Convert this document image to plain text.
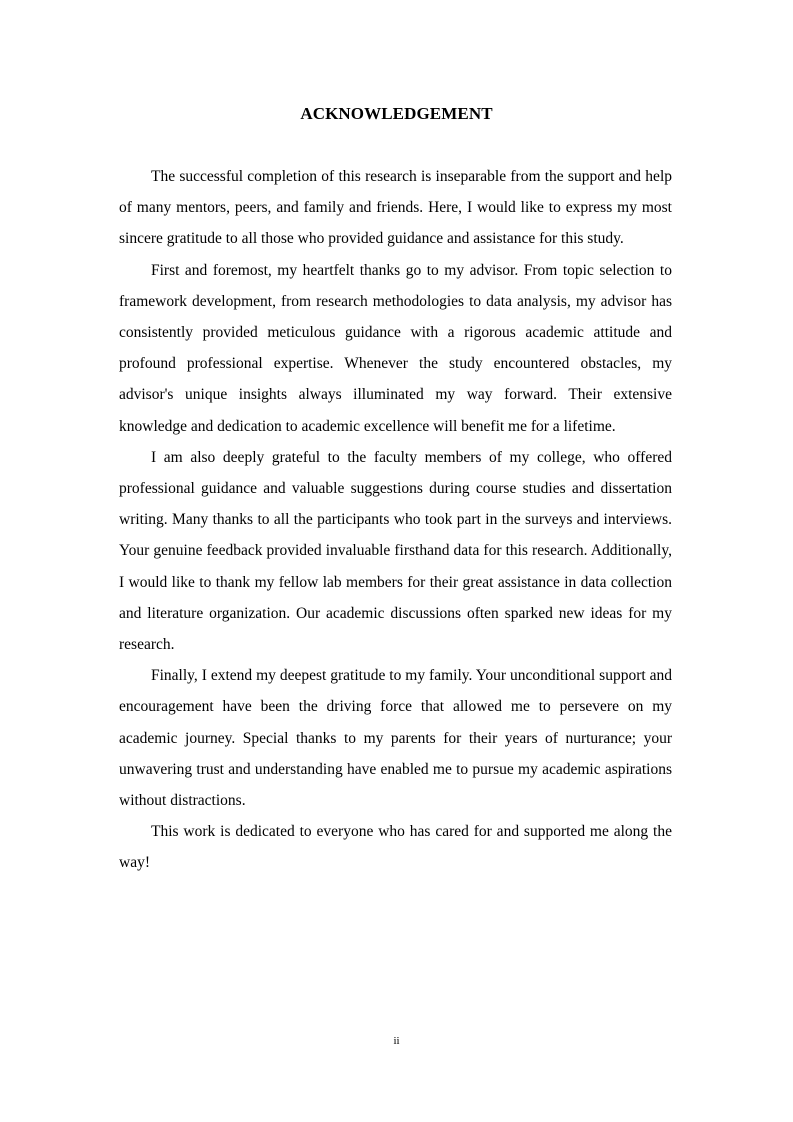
ACKNOWLEDGEMENT

The successful completion of this research is inseparable from the support and help of many mentors, peers, and family and friends. Here, I would like to express my most sincere gratitude to all those who provided guidance and assistance for this study.

First and foremost, my heartfelt thanks go to my advisor. From topic selection to framework development, from research methodologies to data analysis, my advisor has consistently provided meticulous guidance with a rigorous academic attitude and profound professional expertise. Whenever the study encountered obstacles, my advisor's unique insights always illuminated my way forward. Their extensive knowledge and dedication to academic excellence will benefit me for a lifetime.

I am also deeply grateful to the faculty members of my college, who offered professional guidance and valuable suggestions during course studies and dissertation writing. Many thanks to all the participants who took part in the surveys and interviews. Your genuine feedback provided invaluable firsthand data for this research. Additionally, I would like to thank my fellow lab members for their great assistance in data collection and literature organization. Our academic discussions often sparked new ideas for my research.

Finally, I extend my deepest gratitude to my family. Your unconditional support and encouragement have been the driving force that allowed me to persevere on my academic journey. Special thanks to my parents for their years of nurturance; your unwavering trust and understanding have enabled me to pursue my academic aspirations without distractions.

This work is dedicated to everyone who has cared for and supported me along the way!

ii
